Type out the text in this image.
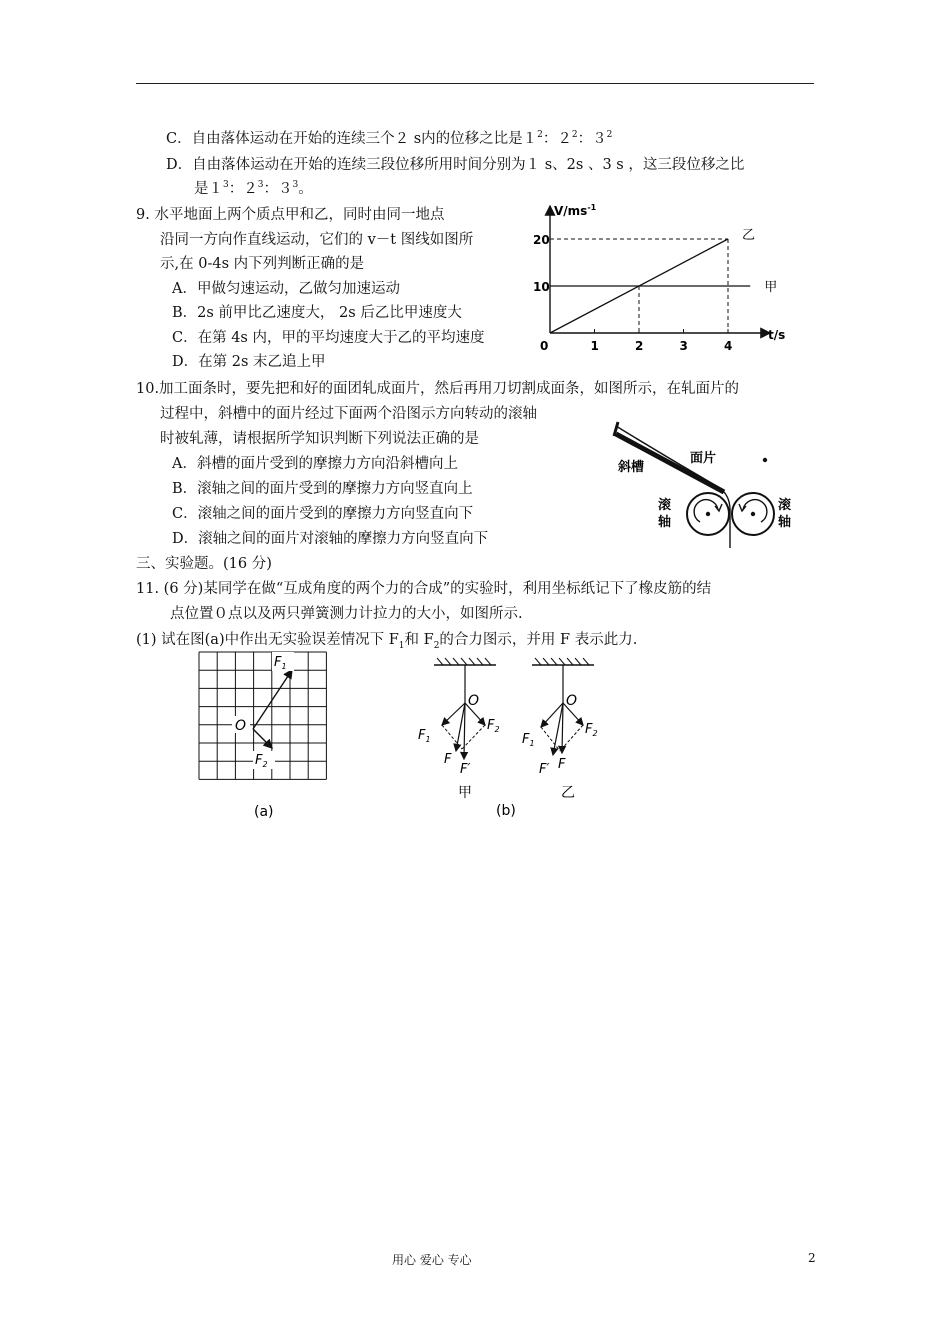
C．自由落体运动在开始的连续三个２ s内的位移之比是$1^2$：$2^2$：$3^2$
D．自由落体运动在开始的连续三段位移所用时间分别为１ s、2s 、3 s ，这三段位移之比
是$1^3$：$2^3$：$3^3$。
9. 水平地面上两个质点甲和乙，同时由同一地点
沿同一方向作直线运动，它们的 v－t 图线如图所
示,在 0-4s 内下列判断正确的是
A．甲做匀速运动，乙做匀加速运动
B．2s 前甲比乙速度大， 2s 后乙比甲速度大
C．在第 4s 内，甲的平均速度大于乙的平均速度
D．在第 2s 末乙追上甲
$V/ms^{-1}$
t/s
0	1	2	3	4
10
20	乙
甲
10.加工面条时，要先把和好的面团轧成面片，然后再用刀切割成面条，如图所示，在轧面片的
过程中，斜槽中的面片经过下面两个沿图示方向转动的滚轴
时被轧薄，请根据所学知识判断下列说法正确的是
A．斜槽的面片受到的摩擦力方向沿斜槽向上
B．滚轴之间的面片受到的摩擦力方向竖直向上
C．滚轴之间的面片受到的摩擦力方向竖直向下
D．滚轴之间的面片对滚轴的摩擦力方向竖直向下
斜槽
面片
滚
轴
滚
轴
三、实验题。(16 分)
11. (6 分)某同学在做“互成角度的两个力的合成”的实验时，利用坐标纸记下了橡皮筋的结
点位置０点以及两只弹簧测力计拉力的大小，如图所示.
(1) 试在图(a)中作出无实验误差情况下 $F_1$和 $F_2$的合力图示，并用 F 表示此力.
O
$F_1$
$F_2$
(a)
O
$F_1$
$F_2$
F
F′
甲
O
$F_1$
$F_2$
F′ F
乙
(b)
用心 爱心 专心	2
